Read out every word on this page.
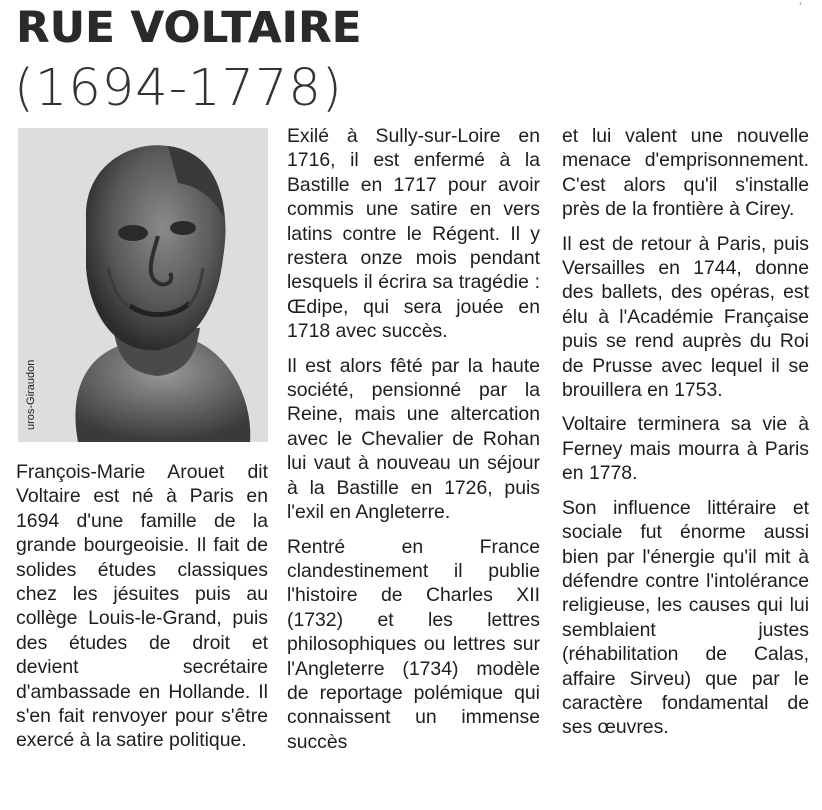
ʼ
RUE VOLTAIRE
(1694-1778)
uros-Giraudon

François-Marie Arouet dit Voltaire est né à Paris en 1694 d'une famille de la grande bourgeoisie. Il fait de solides études classiques chez les jésuites puis au collège Louis-le-Grand, puis des études de droit et devient secrétaire d'ambassade en Hollande. Il s'en fait renvoyer pour s'être exercé à la satire politique.

Exilé à Sully-sur-Loire en 1716, il est enfermé à la Bastille en 1717 pour avoir commis une satire en vers latins contre le Régent. Il y restera onze mois pendant lesquels il écrira sa tragédie : Œdipe, qui sera jouée en 1718 avec succès.

Il est alors fêté par la haute société, pensionné par la Reine, mais une altercation avec le Chevalier de Rohan lui vaut à nouveau un séjour à la Bastille en 1726, puis l'exil en Angleterre.

Rentré en France clandestinement il publie l'histoire de Charles XII (1732) et les lettres philosophiques ou lettres sur l'Angleterre (1734) modèle de reportage polémique qui connaissent un immense succès

et lui valent une nouvelle menace d'emprisonnement. C'est alors qu'il s'installe près de la frontière à Cirey.

Il est de retour à Paris, puis Versailles en 1744, donne des ballets, des opéras, est élu à l'Académie Française puis se rend auprès du Roi de Prusse avec lequel il se brouillera en 1753.

Voltaire terminera sa vie à Ferney mais mourra à Paris en 1778.

Son influence littéraire et sociale fut énorme aussi bien par l'énergie qu'il mit à défendre contre l'intolérance religieuse, les causes qui lui semblaient justes (réhabilitation de Calas, affaire Sirveu) que par le caractère fondamental de ses œuvres.
